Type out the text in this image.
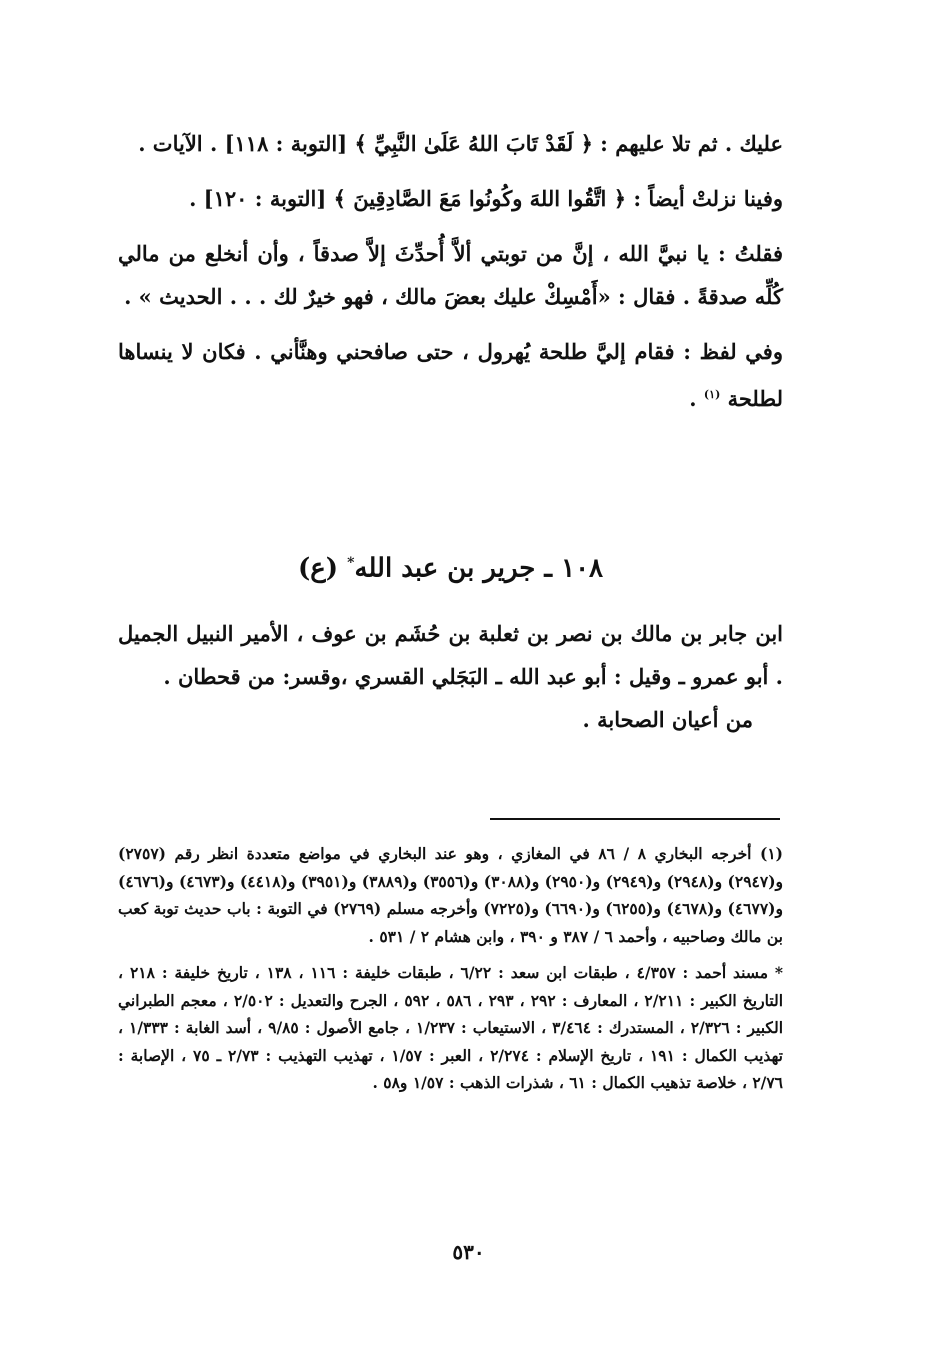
عليك . ثم تلا عليهم : ﴿ لَقَدْ تَابَ اللهُ عَلَىٰ النَّبِيِّ ﴾ [التوبة : ١١٨] . الآيات .

وفينا نزلتْ أيضاً : ﴿ اتَّقُوا اللهَ وكُونُوا مَعَ الصَّادِقِينَ ﴾ [التوبة : ١٢٠] .

فقلتُ : يا نبيَّ الله ، إنَّ من توبتي ألاَّ أُحدِّثَ إلاَّ صدقاً ، وأن أنخلع من مالي كُلِّه صدقةً . فقال : «أَمْسِكْ عليك بعضَ مالك ، فهو خيرٌ لك . . . الحديث » .

وفي لفظ : فقام إليَّ طلحة يُهرول ، حتى صافحني وهنَّأني . فكان لا ينساها لطلحة $^{(١)}$ .

١٠٨ ـ جرير بن عبد الله* (ع)

ابن جابر بن مالك بن نصر بن ثعلبة بن حُشَم بن عوف ، الأمير النبيل الجميل . أبو عمرو ـ وقيل : أبو عبد الله ـ البَجَلي القسري ،وقسر: من قحطان .

من أعيان الصحابة .

(١) أخرجه البخاري ٨ / ٨٦ في المغازي ، وهو عند البخاري في مواضع متعددة انظر رقم (٢٧٥٧) و(٢٩٤٧) و(٢٩٤٨) و(٢٩٤٩) و(٢٩٥٠) و(٣٠٨٨) و(٣٥٥٦) و(٣٨٨٩) و(٣٩٥١) و(٤٤١٨) و(٤٦٧٣) و(٤٦٧٦) و(٤٦٧٧) و(٤٦٧٨) و(٦٢٥٥) و(٦٦٩٠) و(٧٢٢٥) وأخرجه مسلم (٢٧٦٩) في التوبة : باب حديث توبة كعب بن مالك وصاحبيه ، وأحمد ٦ / ٣٨٧ و ٣٩٠ ، وابن هشام ٢ / ٥٣١ .

* مسند أحمد : ٤/٣٥٧ ، طبقات ابن سعد : ٦/٢٢ ، طبقات خليفة : ١١٦ ، ١٣٨ ، تاريخ خليفة : ٢١٨ ، التاريخ الكبير : ٢/٢١١ ، المعارف : ٢٩٢ ، ٢٩٣ ، ٥٨٦ ، ٥٩٢ ، الجرح والتعديل : ٢/٥٠٢ ، معجم الطبراني الكبير : ٢/٣٢٦ ، المستدرك : ٣/٤٦٤ ، الاستيعاب : ١/٢٣٧ ، جامع الأصول : ٩/٨٥ ، أسد الغابة : ١/٣٣٣ ، تهذيب الكمال : ١٩١ ، تاريخ الإسلام : ٢/٢٧٤ ، العبر : ١/٥٧ ، تهذيب التهذيب : ٢/٧٣ ـ ٧٥ ، الإصابة : ٢/٧٦ ، خلاصة تذهيب الكمال : ٦١ ، شذرات الذهب : ١/٥٧ و٥٨ .

٥٣٠
